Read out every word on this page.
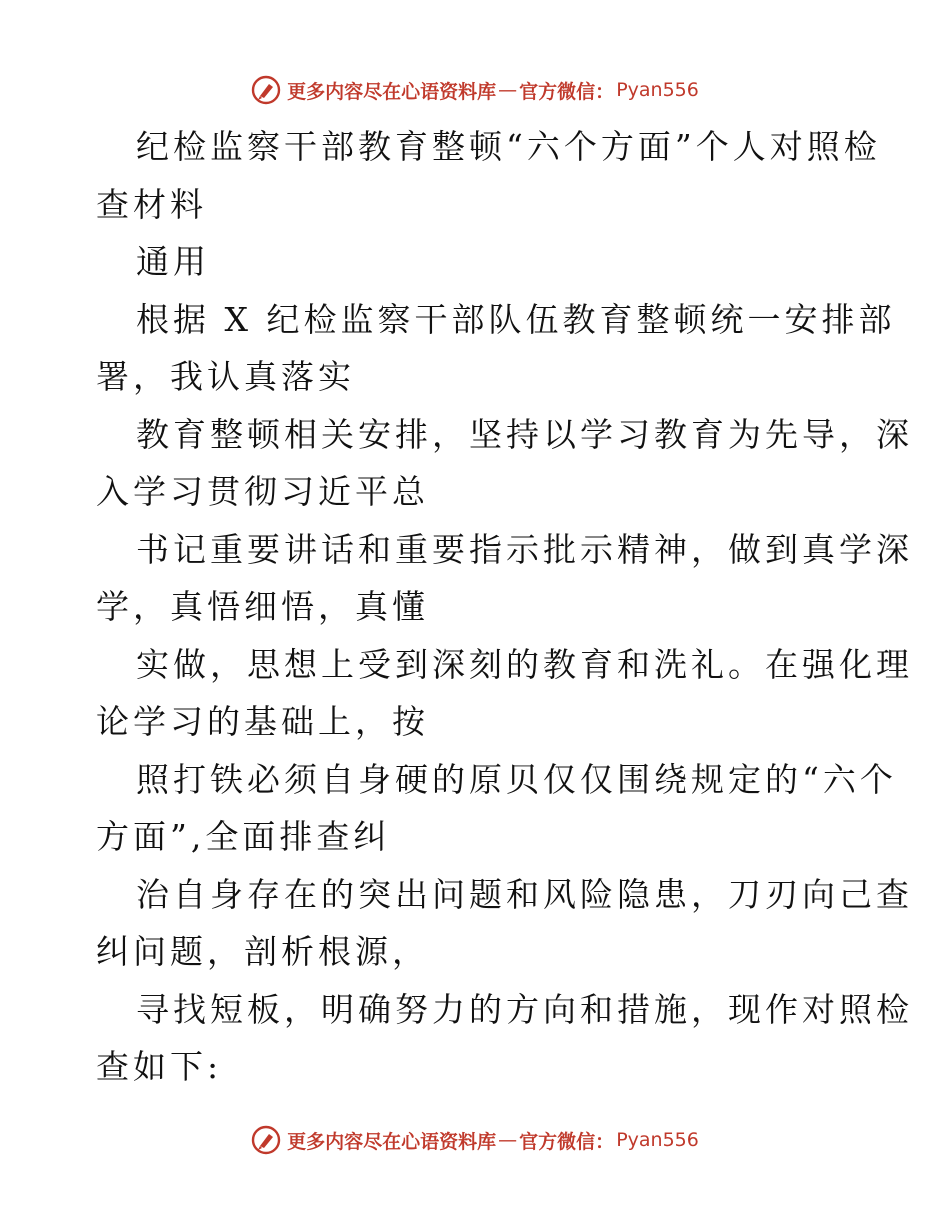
更多内容尽在心语资料库 — 官方微信： Pyan556

纪检监察干部教育整顿“六个方面”个人对照检
查材料

通用

根据 X 纪检监察干部队伍教育整顿统一安排部
署，我认真落实

教育整顿相关安排，坚持以学习教育为先导，深
入学习贯彻习近平总

书记重要讲话和重要指示批示精神，做到真学深
学，真悟细悟，真懂

实做，思想上受到深刻的教育和洗礼。在强化理
论学习的基础上，按

照打铁必须自身硬的原贝仅仅围绕规定的“六个
方面”,全面排查纠

治自身存在的突出问题和风险隐患，刀刃向己查
纠问题，剖析根源，

寻找短板，明确努力的方向和措施，现作对照检
查如下:

更多内容尽在心语资料库 — 官方微信： Pyan556
